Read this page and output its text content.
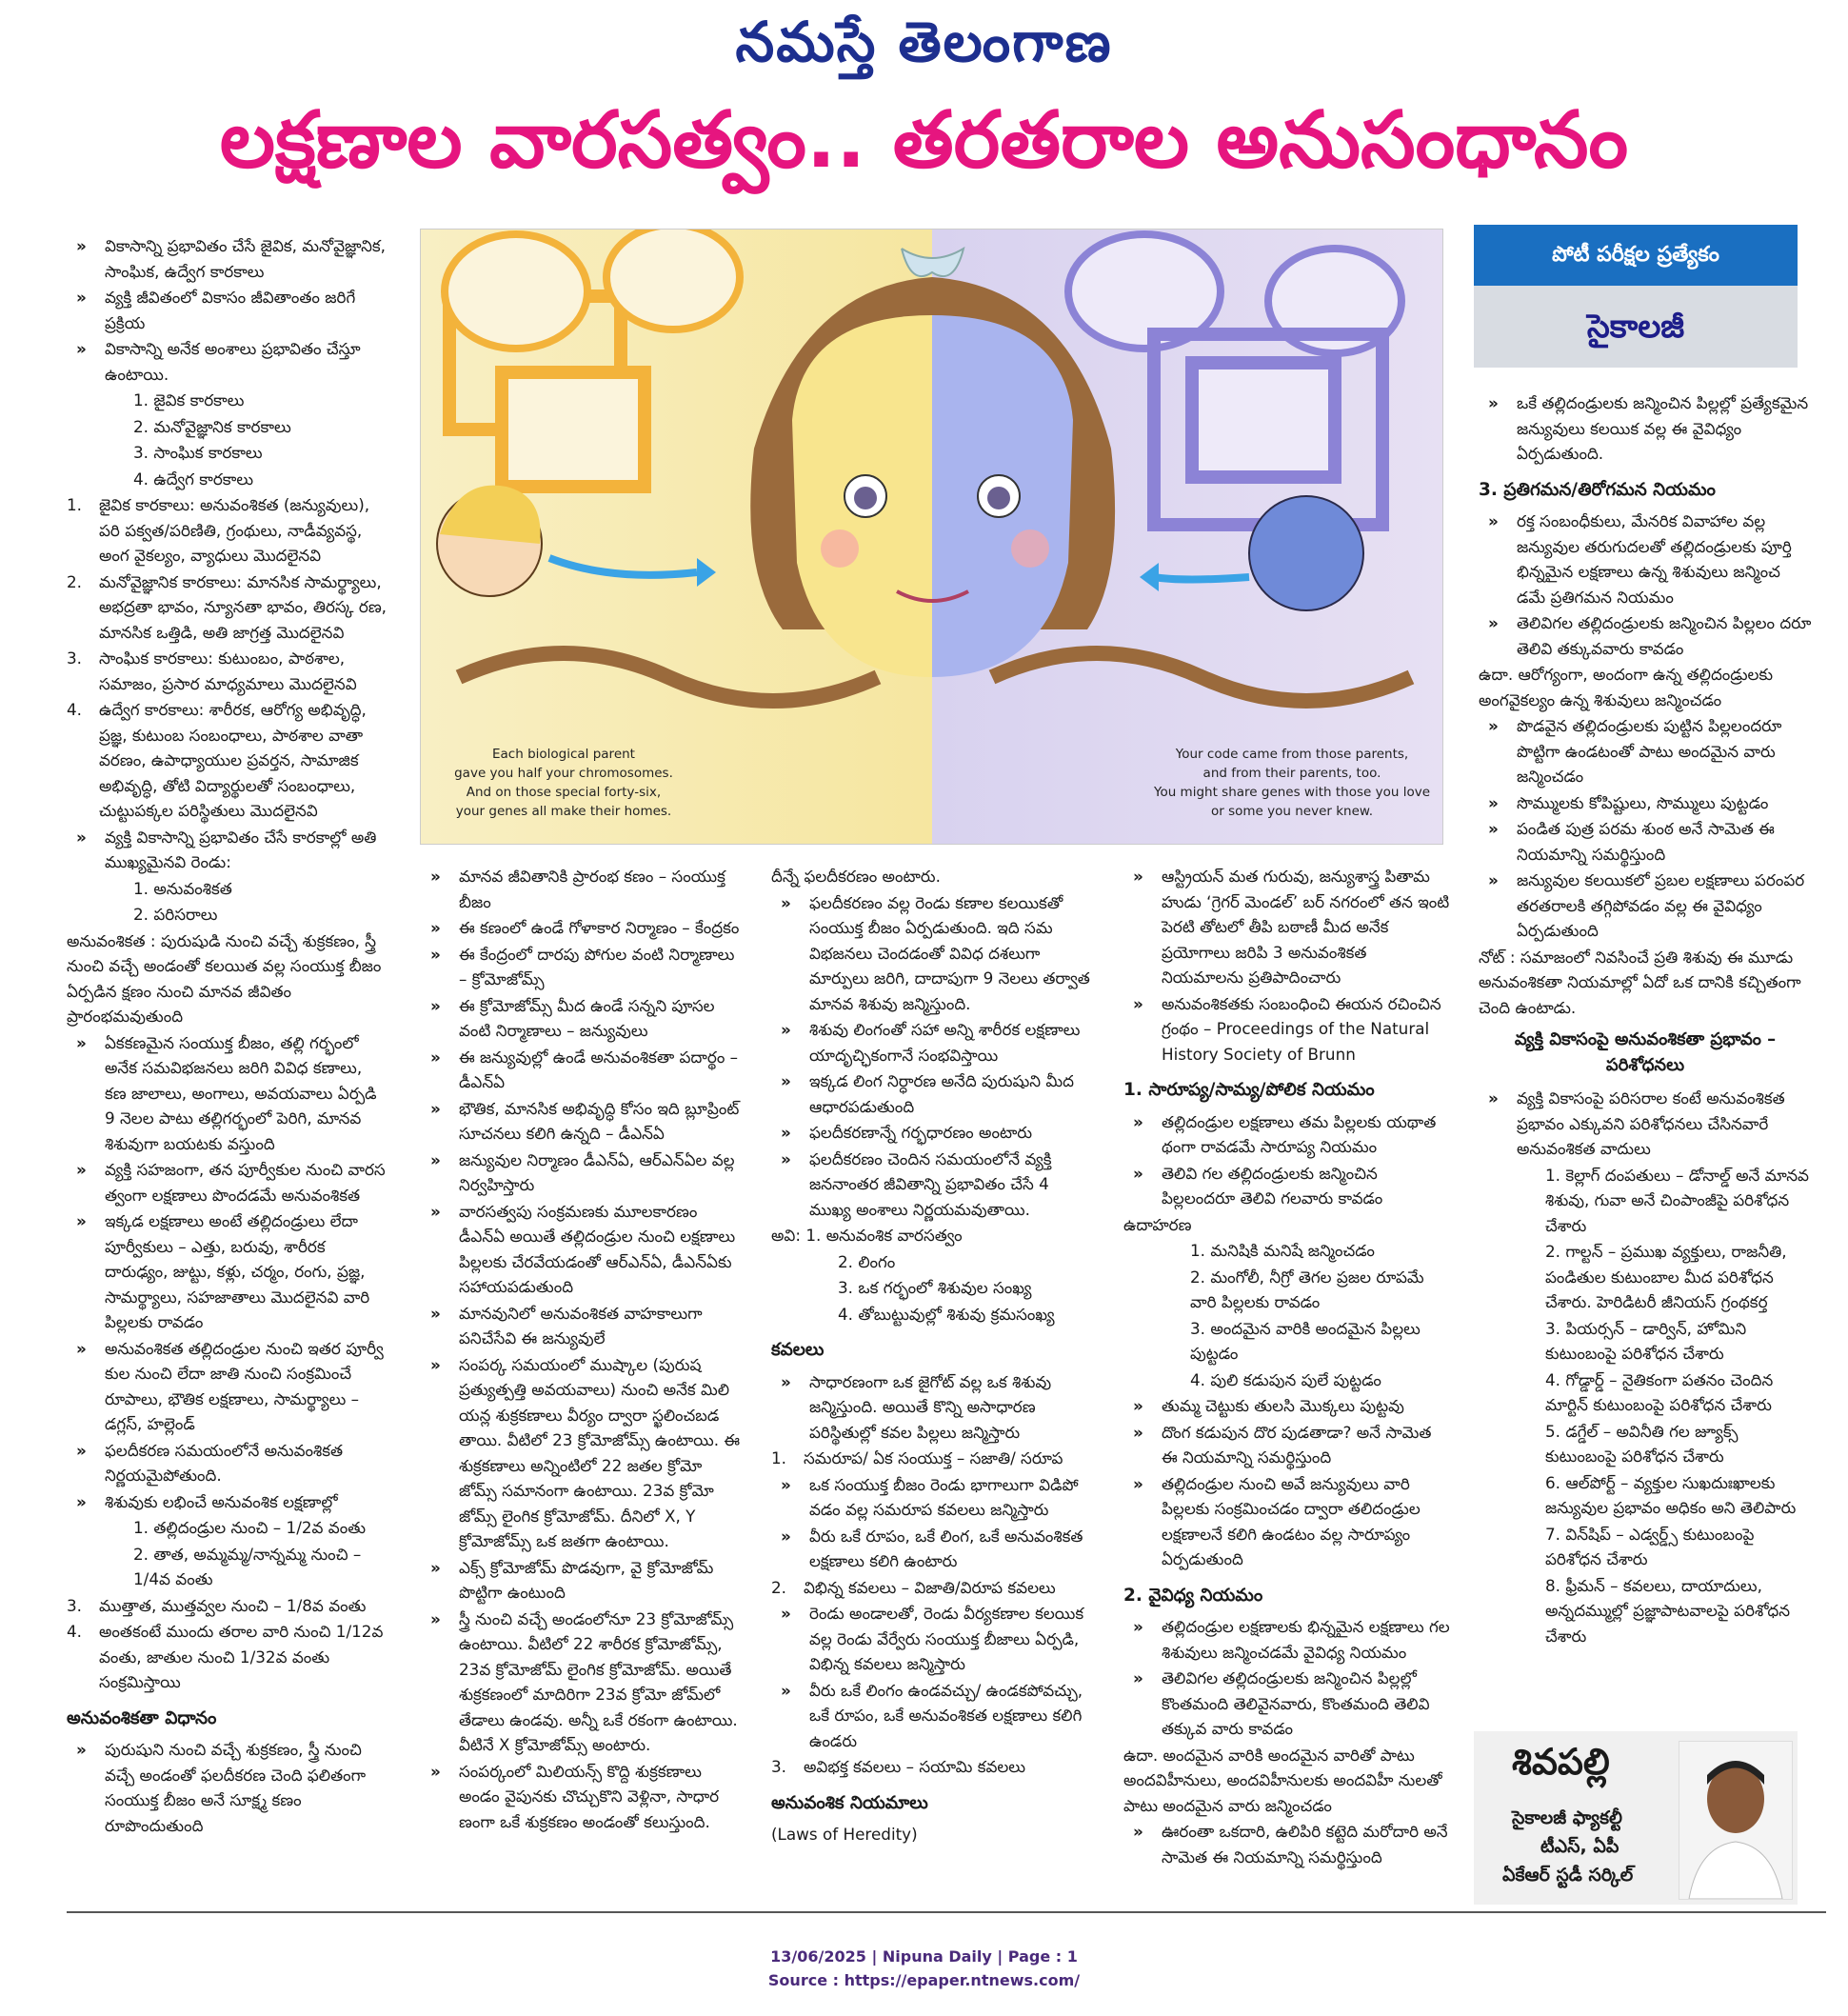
నమస్తే తెలంగాణ
లక్షణాల వారసత్వం.. తరతరాల అనుసంధానం
Each biological parent
gave you half your chromosomes.
And on those special forty-six,
your genes all make their homes.
Your code came from those parents,
and from their parents, too.
You might share genes with those you love
or some you never knew.
పోటీ పరీక్షల ప్రత్యేకం
సైకాలజీ

» వికాసాన్ని ప్రభావితం చేసే జైవిక, మనోవైజ్ఞానిక, సాంఘిక, ఉద్వేగ కారకాలు

» వ్యక్తి జీవితంలో వికాసం జీవితాంతం జరిగే ప్రక్రియ

» వికాసాన్ని అనేక అంశాలు ప్రభావితం చేస్తూ ఉంటాయి.

1. జైవిక కారకాలు

2. మనోవైజ్ఞానిక కారకాలు

3. సాంఘిక కారకాలు

4. ఉద్వేగ కారకాలు

1. జైవిక కారకాలు: అనువంశికత (జన్యువులు), పరి పక్వత/పరిణితి, గ్రంథులు, నాడీవ్యవస్థ, అంగ వైకల్యం, వ్యాధులు మొదలైనవి

2. మనోవైజ్ఞానిక కారకాలు: మానసిక సామర్థ్యాలు, అభద్రతా భావం, న్యూనతా భావం, తిరస్క రణ, మానసిక ఒత్తిడి, అతి జాగ్రత్త మొదలైనవి

3. సాంఘిక కారకాలు: కుటుంబం, పాఠశాల, సమాజం, ప్రసార మాధ్యమాలు మొదలైనవి

4. ఉద్వేగ కారకాలు: శారీరక, ఆరోగ్య అభివృద్ధి, ప్రజ్ఞ, కుటుంబ సంబంధాలు, పాఠశాల వాతా వరణం, ఉపాధ్యాయుల ప్రవర్తన, సామాజిక అభివృద్ధి, తోటి విద్యార్థులతో సంబంధాలు, చుట్టుపక్కల పరిస్థితులు మొదలైనవి

» వ్యక్తి వికాసాన్ని ప్రభావితం చేసే కారకాల్లో అతి ముఖ్యమైనవి రెండు:

1. అనువంశికత

2. పరిసరాలు

అనువంశికత : పురుషుడి నుంచి వచ్చే శుక్రకణం, స్త్రీ నుంచి వచ్చే అండంతో కలయిత వల్ల సంయుక్త బీజం ఏర్పడిన క్షణం నుంచి మానవ జీవితం ప్రారంభమవుతుంది

» ఏకకణమైన సంయుక్త బీజం, తల్లి గర్భంలో అనేక సమవిభజనలు జరిగి వివిధ కణాలు, కణ జాలాలు, అంగాలు, అవయవాలు ఏర్పడి 9 నెలల పాటు తల్లిగర్భంలో పెరిగి, మానవ శిశువుగా బయటకు వస్తుంది

» వ్యక్తి సహజంగా, తన పూర్వీకుల నుంచి వారస త్వంగా లక్షణాలు పొందడమే అనువంశికత

» ఇక్కడ లక్షణాలు అంటే తల్లిదండ్రులు లేదా పూర్వీకులు – ఎత్తు, బరువు, శారీరక దారుఢ్యం, జుట్టు, కళ్లు, చర్మం, రంగు, ప్రజ్ఞ, సామర్థ్యాలు, సహజాతాలు మొదలైనవి వారి పిల్లలకు రావడం

» అనువంశికత తల్లిదండ్రుల నుంచి ఇతర పూర్వీ కుల నుంచి లేదా జాతి నుంచి సంక్రమించే రూపాలు, భౌతిక లక్షణాలు, సామర్థ్యాలు – డగ్లస్, హల్లెండ్

» ఫలదీకరణ సమయంలోనే అనువంశికత నిర్ణయమైపోతుంది.

» శిశువుకు లభించే అనువంశిక లక్షణాల్లో

1. తల్లిదండ్రుల నుంచి – 1/2వ వంతు

2. తాత, అమ్మమ్మ/నాన్నమ్మ నుంచి – 1/4వ వంతు

3. ముత్తాత, ముత్తవ్వల నుంచి – 1/8వ వంతు

4. అంతకంటే ముందు తరాల వారి నుంచి 1/12వ వంతు, జాతుల నుంచి 1/32వ వంతు సంక్రమిస్తాయి

అనువంశికతా విధానం

» పురుషుని నుంచి వచ్చే శుక్రకణం, స్త్రీ నుంచి వచ్చే అండంతో ఫలదీకరణ చెంది ఫలితంగా సంయుక్త బీజం అనే సూక్ష్మ కణం రూపొందుతుంది

» మానవ జీవితానికి ప్రారంభ కణం – సంయుక్త బీజం

» ఈ కణంలో ఉండే గోళాకార నిర్మాణం – కేంద్రకం

» ఈ కేంద్రంలో దారపు పోగుల వంటి నిర్మాణాలు – క్రోమోజోమ్స్

» ఈ క్రోమోజోమ్స్ మీద ఉండే సన్నని పూసల వంటి నిర్మాణాలు – జన్యువులు

» ఈ జన్యువుల్లో ఉండే అనువంశికతా పదార్థం – డీఎన్ఏ

» భౌతిక, మానసిక అభివృద్ధి కోసం ఇది బ్లూప్రింట్ సూచనలు కలిగి ఉన్నది – డీఎన్ఏ

» జన్యువుల నిర్మాణం డీఎన్ఏ, ఆర్ఎన్ఏల వల్ల నిర్వహిస్తారు

» వారసత్వపు సంక్రమణకు మూలకారణం డీఎన్ఏ అయితే తల్లిదండ్రుల నుంచి లక్షణాలు పిల్లలకు చేరవేయడంతో ఆర్ఎన్ఏ, డీఎన్ఏకు సహాయపడుతుంది

» మానవునిలో అనువంశికత వాహకాలుగా పనిచేసేవి ఈ జన్యువులే

» సంపర్క సమయంలో ముష్కాల (పురుష ప్రత్యుత్పత్తి అవయవాలు) నుంచి అనేక మిలి యన్ల శుక్రకణాలు వీర్యం ద్వారా స్ఖలించబడ తాయి. వీటిలో 23 క్రోమోజోమ్స్ ఉంటాయి. ఈ శుక్రకణాలు అన్నింటిలో 22 జతల క్రోమో జోమ్స్ సమానంగా ఉంటాయి. 23వ క్రోమో జోమ్స్ లైంగిక క్రోమోజోమ్. దీనిలో X, Y క్రోమోజోమ్స్ ఒక జతగా ఉంటాయి.

» ఎక్స్ క్రోమోజోమ్ పొడవుగా, వై క్రోమోజోమ్ పొట్టిగా ఉంటుంది

» స్త్రీ నుంచి వచ్చే అండంలోనూ 23 క్రోమోజోమ్స్ ఉంటాయి. వీటిలో 22 శారీరక క్రోమోజోమ్స్, 23వ క్రోమోజోమ్ లైంగిక క్రోమోజోమ్. అయితే శుక్రకణంలో మాదిరిగా 23వ క్రోమో జోమ్‌లో తేడాలు ఉండవు. అన్నీ ఒకే రకంగా ఉంటాయి. వీటినే X క్రోమోజోమ్స్ అంటారు.

» సంపర్కంలో మిలియన్స్ కొద్ది శుక్రకణాలు అండం వైపునకు చొచ్చుకొని వెళ్లినా, సాధార ణంగా ఒకే శుక్రకణం అండంతో కలుస్తుంది.

దీన్నే ఫలదీకరణం అంటారు.

» ఫలదీకరణం వల్ల రెండు కణాల కలయికతో సంయుక్త బీజం ఏర్పడుతుంది. ఇది సమ విభజనలు చెందడంతో వివిధ దశలుగా మార్పులు జరిగి, దాదాపుగా 9 నెలలు తర్వాత మానవ శిశువు జన్మిస్తుంది.

» శిశువు లింగంతో సహా అన్ని శారీరక లక్షణాలు యాదృచ్ఛికంగానే సంభవిస్తాయి

» ఇక్కడ లింగ నిర్ధారణ అనేది పురుషుని మీద ఆధారపడుతుంది

» ఫలదీకరణాన్నే గర్భధారణం అంటారు

» ఫలదీకరణం చెందిన సమయంలోనే వ్యక్తి జననాంతర జీవితాన్ని ప్రభావితం చేసే 4 ముఖ్య అంశాలు నిర్ణయమవుతాయి.

అవి: 1. అనువంశిక వారసత్వం

2. లింగం

3. ఒక గర్భంలో శిశువుల సంఖ్య

4. తోబుట్టువుల్లో శిశువు క్రమసంఖ్య

కవలలు

» సాధారణంగా ఒక జైగోట్ వల్ల ఒక శిశువు జన్మిస్తుంది. అయితే కొన్ని అసాధారణ పరిస్థితుల్లో కవల పిల్లలు జన్మిస్తారు

1. సమరూప/ ఏక సంయుక్త – సజాతి/ సరూప

» ఒక సంయుక్త బీజం రెండు భాగాలుగా విడిపో వడం వల్ల సమరూప కవలలు జన్మిస్తారు

» వీరు ఒకే రూపం, ఒకే లింగ, ఒకే అనువంశికత లక్షణాలు కలిగి ఉంటారు

2. విభిన్న కవలలు – విజాతి/విరూప కవలలు

» రెండు అండాలతో, రెండు వీర్యకణాల కలయిక వల్ల రెండు వేర్వేరు సంయుక్త బీజాలు ఏర్పడి, విభిన్న కవలలు జన్మిస్తారు

» వీరు ఒకే లింగం ఉండవచ్చు/ ఉండకపోవచ్చు, ఒకే రూపం, ఒకే అనువంశికత లక్షణాలు కలిగి ఉండరు

3. అవిభక్త కవలలు – సయామి కవలలు

అనువంశిక నియమాలు

(Laws of Heredity)

» ఆస్ట్రియన్ మత గురువు, జన్యుశాస్త్ర పితామ హుడు ‘గ్రెగర్ మెండల్’ బర్ నగరంలో తన ఇంటి పెరటి తోటలో తీపి బఠాణీ మీద అనేక ప్రయోగాలు జరిపి 3 అనువంశికత నియమాలను ప్రతిపాదించారు

» అనువంశికతకు సంబంధించి ఈయన రచించిన గ్రంథం – Proceedings of the Natural History Society of Brunn

1. సారూప్య/సామ్య/పోలిక నియమం

» తల్లిదండ్రుల లక్షణాలు తమ పిల్లలకు యథాత థంగా రావడమే సారూప్య నియమం

» తెలివి గల తల్లిదండ్రులకు జన్మించిన పిల్లలందరూ తెలివి గలవారు కావడం

ఉదాహరణ

1. మనిషికి మనిషే జన్మించడం

2. మంగోలీ, నీగ్రో తెగల ప్రజల రూపమే వారి పిల్లలకు రావడం

3. అందమైన వారికి అందమైన పిల్లలు పుట్టడం

4. పులి కడుపున పులే పుట్టడం

» తుమ్మ చెట్టుకు తులసి మొక్కలు పుట్టవు

» దొంగ కడుపున దొర పుడతాడా? అనే సామెత ఈ నియమాన్ని సమర్థిస్తుంది

» తల్లిదండ్రుల నుంచి అవే జన్యువులు వారి పిల్లలకు సంక్రమించడం ద్వారా తలిదండ్రుల లక్షణాలనే కలిగి ఉండటం వల్ల సారూప్యం ఏర్పడుతుంది

2. వైవిధ్య నియమం

» తల్లిదండ్రుల లక్షణాలకు భిన్నమైన లక్షణాలు గల శిశువులు జన్మించడమే వైవిధ్య నియమం

» తెలివిగల తల్లిదండ్రులకు జన్మించిన పిల్లల్లో కొంతమంది తెలివైనవారు, కొంతమంది తెలివి తక్కువ వారు కావడం

ఉదా. అందమైన వారికి అందమైన వారితో పాటు అందవిహీనులు, అందవిహీనులకు అందవిహీ నులతో పాటు అందమైన వారు జన్మించడం

» ఊరంతా ఒకదారి, ఉలిపిరి కట్టెది మరోదారి అనే సామెత ఈ నియమాన్ని సమర్థిస్తుంది

» ఒకే తల్లిదండ్రులకు జన్మించిన పిల్లల్లో ప్రత్యేకమైన జన్యువులు కలయిక వల్ల ఈ వైవిధ్యం ఏర్పడుతుంది.

3. ప్రతిగమన/తిరోగమన నియమం

» రక్త సంబంధీకులు, మేనరిక వివాహాల వల్ల జన్యువుల తరుగుదలతో తల్లిదండ్రులకు పూర్తి భిన్నమైన లక్షణాలు ఉన్న శిశువులు జన్మించ డమే ప్రతిగమన నియమం

» తెలివిగల తల్లిదండ్రులకు జన్మించిన పిల్లలం దరూ తెలివి తక్కువవారు కావడం

ఉదా. ఆరోగ్యంగా, అందంగా ఉన్న తల్లిదండ్రులకు అంగవైకల్యం ఉన్న శిశువులు జన్మించడం

» పొడవైన తల్లిదండ్రులకు పుట్టిన పిల్లలందరూ పొట్టిగా ఉండటంతో పాటు అందమైన వారు జన్మించడం

» సొమ్ములకు కోపిష్టులు, సొమ్ములు పుట్టడం

» పండిత పుత్ర పరమ శుంఠ అనే సామెత ఈ నియమాన్ని సమర్థిస్తుంది

» జన్యువుల కలయికలో ప్రబల లక్షణాలు పరంపర తరతరాలకి తగ్గిపోవడం వల్ల ఈ వైవిధ్యం ఏర్పడుతుంది

నోట్ : సమాజంలో నివసించే ప్రతి శిశువు ఈ మూడు అనువంశికతా నియమాల్లో ఏదో ఒక దానికి కచ్చితంగా చెంది ఉంటాడు.

వ్యక్తి వికాసంపై అనువంశికతా ప్రభావం – పరిశోధనలు

» వ్యక్తి వికాసంపై పరిసరాల కంటే అనువంశికత ప్రభావం ఎక్కువని పరిశోధనలు చేసినవారే అనువంశికత వాదులు

1. కెల్లాగ్ దంపతులు – డోనాల్డ్ అనే మానవ శిశువు, గువా అనే చింపాంజీపై పరిశోధన చేశారు

2. గాల్టన్ – ప్రముఖ వ్యక్తులు, రాజనీతి, పండితుల కుటుంబాల మీద పరిశోధన చేశారు. హెరిడిటరీ జీనియస్ గ్రంథకర్త

3. పియర్సన్ – డార్విన్, హోమిని కుటుంబంపై పరిశోధన చేశారు

4. గోడ్డార్డ్ – నైతికంగా పతనం చెందిన మార్టిన్ కుటుంబంపై పరిశోధన చేశారు

5. డగ్డేల్ – అవినీతి గల జ్యూక్స్ కుటుంబంపై పరిశోధన చేశారు

6. ఆల్‌పోర్ట్ – వ్యక్తుల సుఖదుఃఖాలకు జన్యువుల ప్రభావం అధికం అని తెలిపారు

7. విన్‌షిప్ – ఎడ్వర్డ్స్ కుటుంబంపై పరిశోధన చేశారు

8. ఫ్రీమన్ – కవలలు, దాయాదులు, అన్నదమ్ముల్లో ప్రజ్ఞాపాటవాలపై పరిశోధన చేశారు

శివపల్లి
సైకాలజీ ఫ్యాకల్టీ
టీఎస్, ఏపీ
ఏకేఆర్ స్టడీ సర్కిల్
13/06/2025 | Nipuna Daily | Page : 1
Source : https://epaper.ntnews.com/
